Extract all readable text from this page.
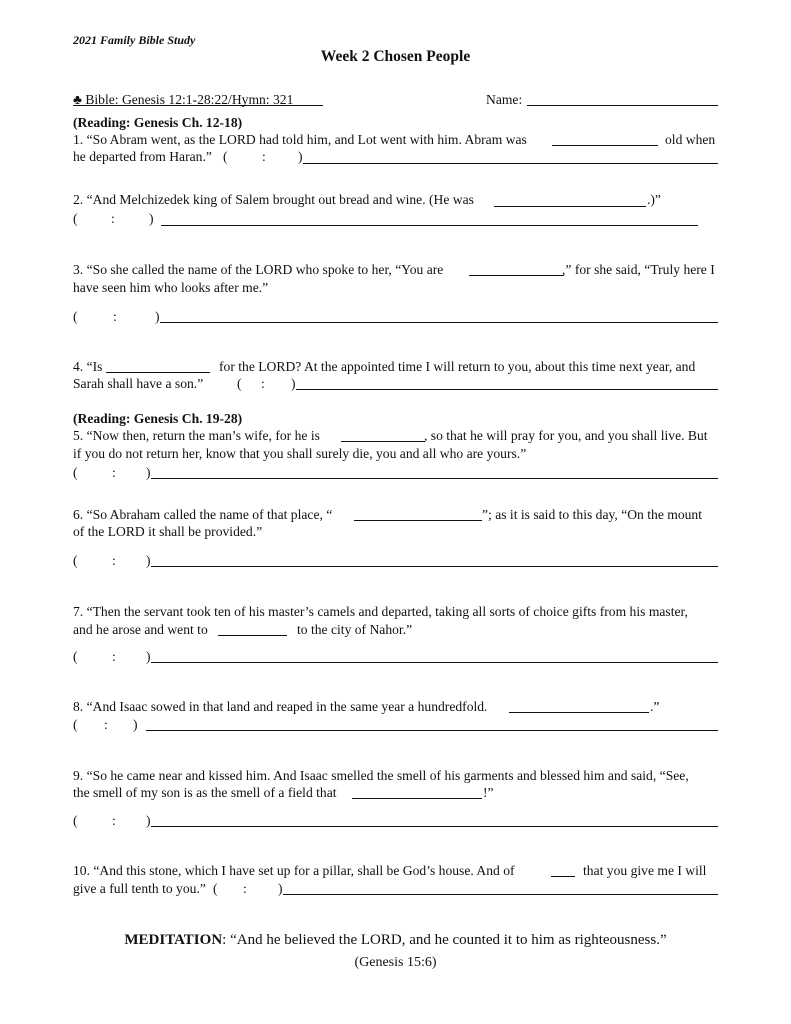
2021 Family Bible Study
Week 2 Chosen People
♣ Bible: Genesis 12:1-28:22/Hymn: 321	Name:
(Reading: Genesis Ch. 12-18)
1. “So Abram went, as the LORD had told him, and Lot went with him. Abram was	old when
he departed from Haran.” (	: )
2. “And Melchizedek king of Salem brought out bread and wine. (He was	.)”
( :	)
3. “So she called the name of the LORD who spoke to her, “You are	,” for she said, “Truly here I
have seen him who looks after me.”
(	:	)
4. “Is	for the LORD? At the appointed time I will return to you, about this time next year, and
Sarah shall have a son.” ( : )
(Reading: Genesis Ch. 19-28)
5. “Now then, return the man’s wife, for he is	, so that he will pray for you, and you shall live. But
if you do not return her, know that you shall surely die, you and all who are yours.”
(	: )
6. “So Abraham called the name of that place, “	”; as it is said to this day, “On the mount
of the LORD it shall be provided.”
(	: )
7. “Then the servant took ten of his master’s camels and departed, taking all sorts of choice gifts from his master,
and he arose and went to	to the city of Nahor.”
(	: )
8. “And Isaac sowed in that land and reaped in the same year a hundredfold.	.”
( : )
9. “So he came near and kissed him. And Isaac smelled the smell of his garments and blessed him and said, “See,
the smell of my son is as the smell of a field that	!”
(	: )
10. “And this stone, which I have set up for a pillar, shall be God’s house. And of	that you give me I will
give a full tenth to you.” ( : )
MEDITATION: “And he believed the LORD, and he counted it to him as righteousness.”
(Genesis 15:6)
